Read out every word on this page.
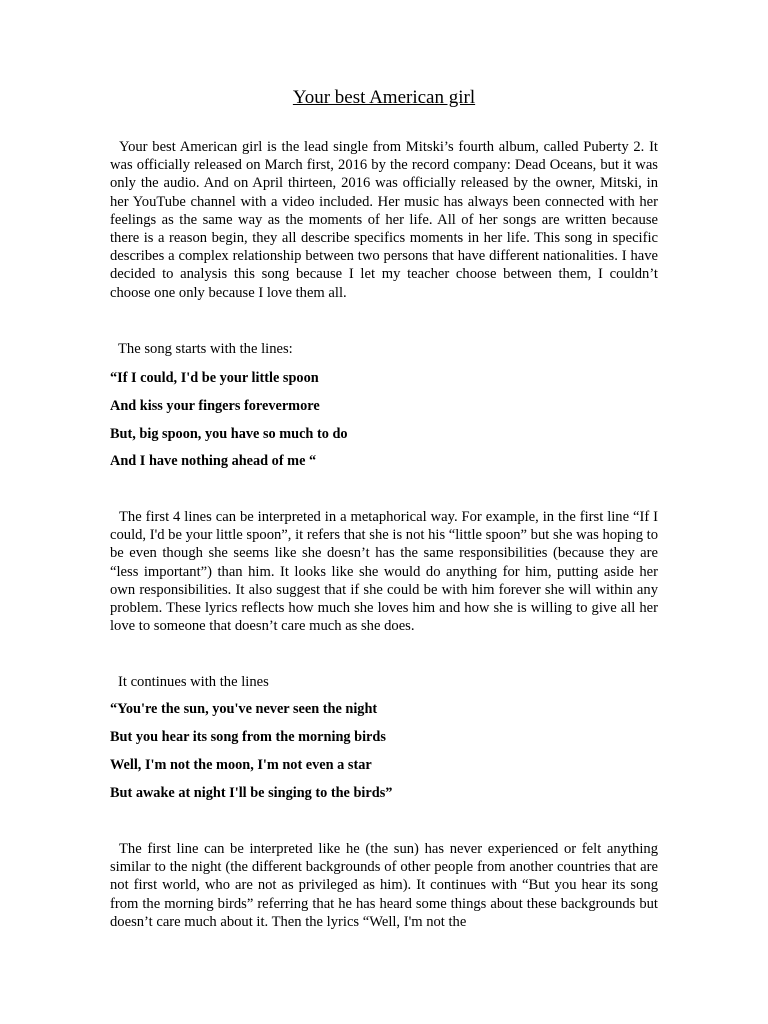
Your best American girl
Your best American girl is the lead single from Mitski’s fourth album, called Puberty 2. It was officially released on March first, 2016 by the record company: Dead Oceans, but it was only the audio. And on April thirteen, 2016 was officially released by the owner, Mitski, in her YouTube channel with a video included. Her music has always been connected with her feelings as the same way as the moments of her life. All of her songs are written because there is a reason begin, they all describe specifics moments in her life. This song in specific describes a complex relationship between two persons that have different nationalities. I have decided to analysis this song because I let my teacher choose between them, I couldn’t choose one only because I love them all.
The song starts with the lines:
“If I could, I'd be your little spoon
And kiss your fingers forevermore
But, big spoon, you have so much to do
And I have nothing ahead of me “
The first 4 lines can be interpreted in a metaphorical way. For example, in the first line “If I could, I'd be your little spoon”, it refers that she is not his “little spoon” but she was hoping to be even though she seems like she doesn’t has the same responsibilities (because they are “less important”) than him. It looks like she would do anything for him, putting aside her own responsibilities. It also suggest that if she could be with him forever she will within any problem. These lyrics reflects how much she loves him and how she is willing to give all her love to someone that doesn’t care much as she does.
It continues with the lines
“You're the sun, you've never seen the night
But you hear its song from the morning birds
Well, I'm not the moon, I'm not even a star
But awake at night I'll be singing to the birds”
The first line can be interpreted like he (the sun) has never experienced or felt anything similar to the night (the different backgrounds of other people from another countries that are not first world, who are not as privileged as him). It continues with “But you hear its song from the morning birds” referring that he has heard some things about these backgrounds but doesn’t care much about it. Then the lyrics “Well, I'm not the
